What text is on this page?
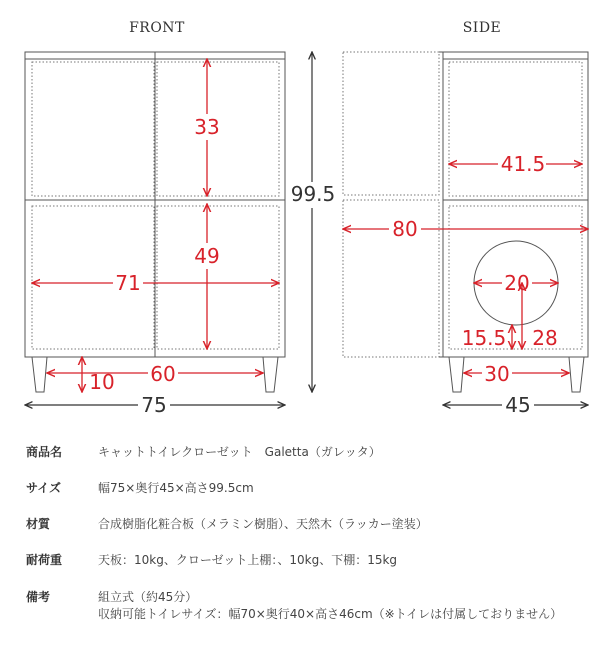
FRONT	SIDE
33
49
71
60
10
99.5
75
41.5
80
20
15.5 28
30
45
商品名	キャットトイレクローゼット　Galetta（ガレッタ）
サイズ	幅75×奥行45×高さ99.5cm
材質	合成樹脂化粧合板（メラミン樹脂）、天然木（ラッカー塗装）
耐荷重	天板：10kg、クローゼット上棚：、10kg、下棚：15kg
備考	組立式（約45分）
収納可能トイレサイズ：幅70×奥行40×高さ46cm（※トイレは付属しておりません）
